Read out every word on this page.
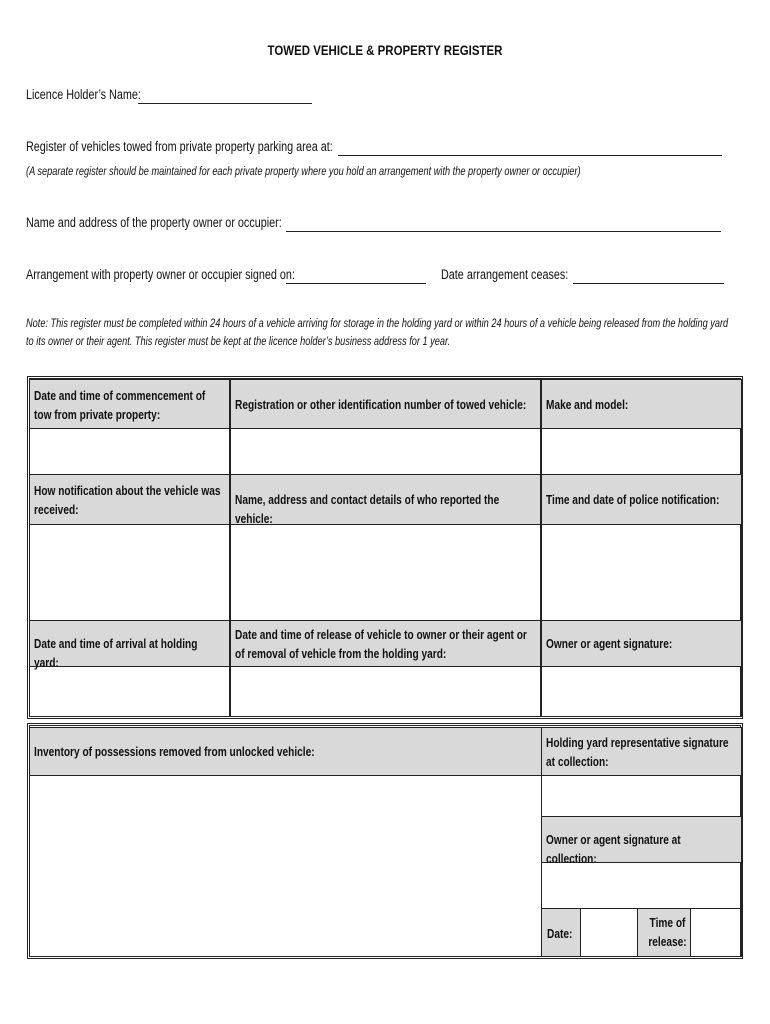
TOWED VEHICLE & PROPERTY REGISTER
Licence Holder’s Name:
Register of vehicles towed from private property parking area at:
(A separate register should be maintained for each private property where you hold an arrangement with the property owner or occupier)
Name and address of the property owner or occupier:
Arrangement with property owner or occupier signed on:	Date arrangement ceases:
Note: This register must be completed within 24 hours of a vehicle arriving for storage in the holding yard or within 24 hours of a vehicle being released from the holding yard to its owner or their agent. This register must be kept at the licence holder’s business address for 1 year.
Date and time of commencement of tow from private property:
Registration or other identification number of towed vehicle:	Make and model:
How notification about the vehicle was received:
Name, address and contact details of who reported the vehicle:
Time and date of police notification:
Date and time of arrival at holding yard:
Date and time of release of vehicle to owner or their agent or of removal of vehicle from the holding yard:
Owner or agent signature:
Inventory of possessions removed from unlocked vehicle:
Holding yard representative signature at collection:
Owner or agent signature at collection:
Date:
Time of release:
